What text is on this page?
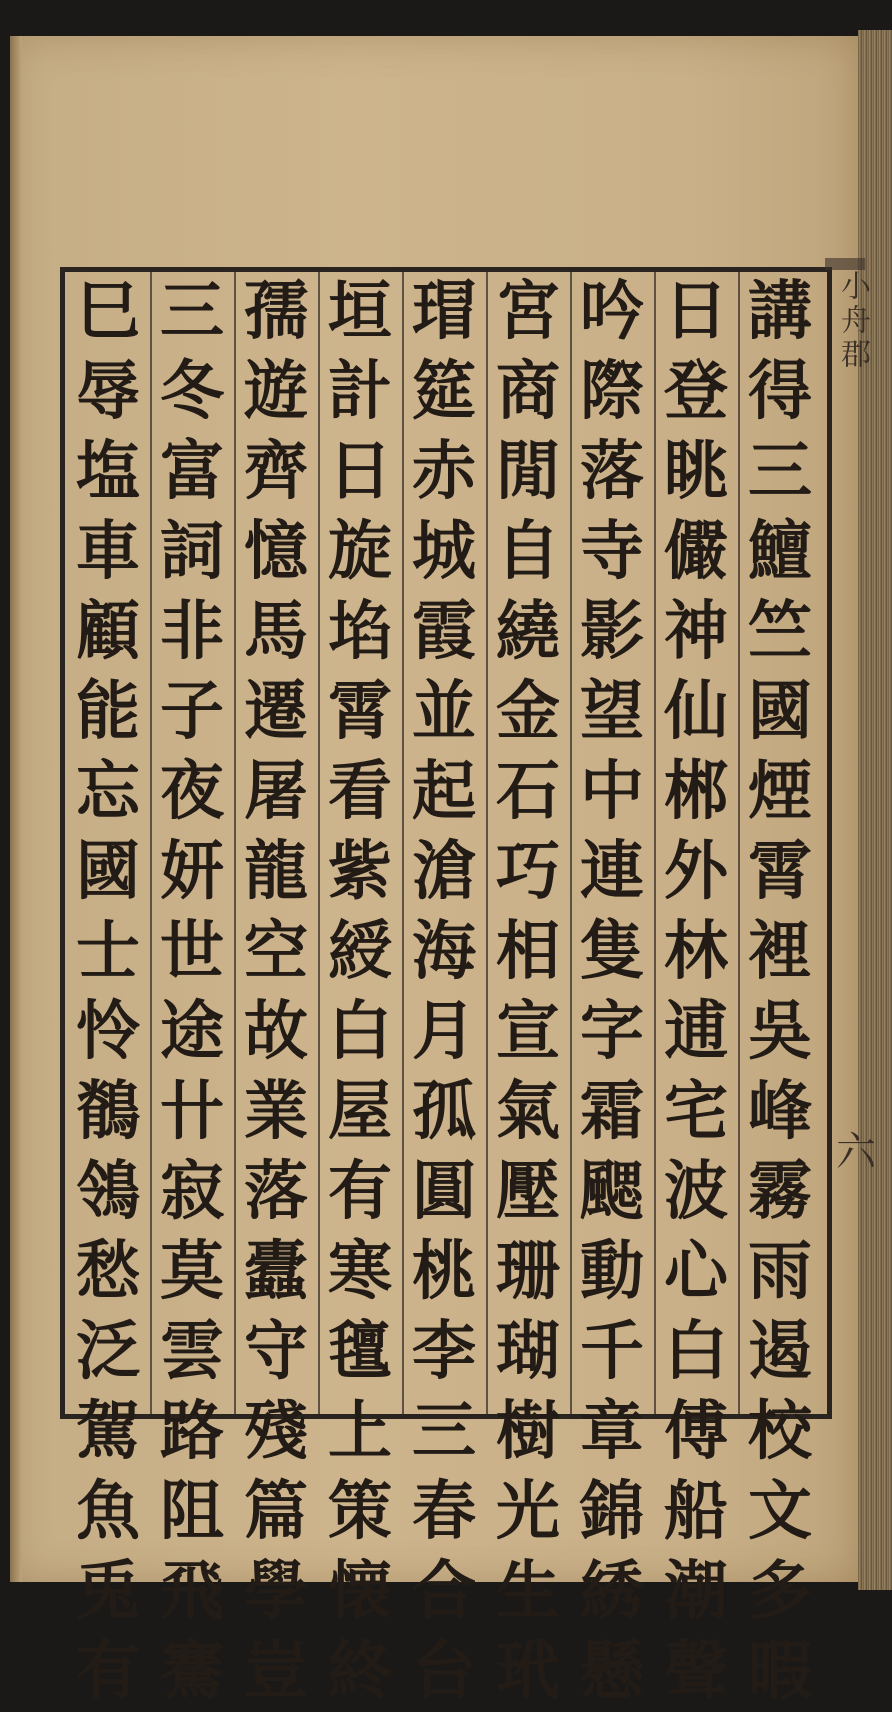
講
得
三
鱣
竺
國
煙
霄
裡
吳
峰
霧
雨
遏
校
文
多
暇
日
登
眺
儼
神
仙
郴
外
林
逋
宅
波
心
白
傅
船
潮
聲
吟
際
落
寺
影
望
中
連
隻
字
霜
颸
動
千
章
錦
綉
懸
宮
商
閒
自
繞
金
石
巧
相
宣
氣
壓
珊
瑚
樹
光
生
玳
瑁
筵
赤
城
霞
並
起
滄
海
月
孤
圓
桃
李
三
春
合
台
垣
計
日
旋
埳
霄
看
紫
綬
白
屋
有
寒
氊
上
策
懐
終
孺
遊
齊
憶
馬
遷
屠
龍
空
故
業
落
蠹
守
殘
篇
學
豈
三
冬
富
詞
非
子
夜
妍
世
途
卄
寂
莫
雲
路
阻
飛
騫
巳
辱
塩
車
顧
能
忘
國
士
怜
鶺
鴒
愁
泛
駕
魚
兎
有
小舟郡
六
